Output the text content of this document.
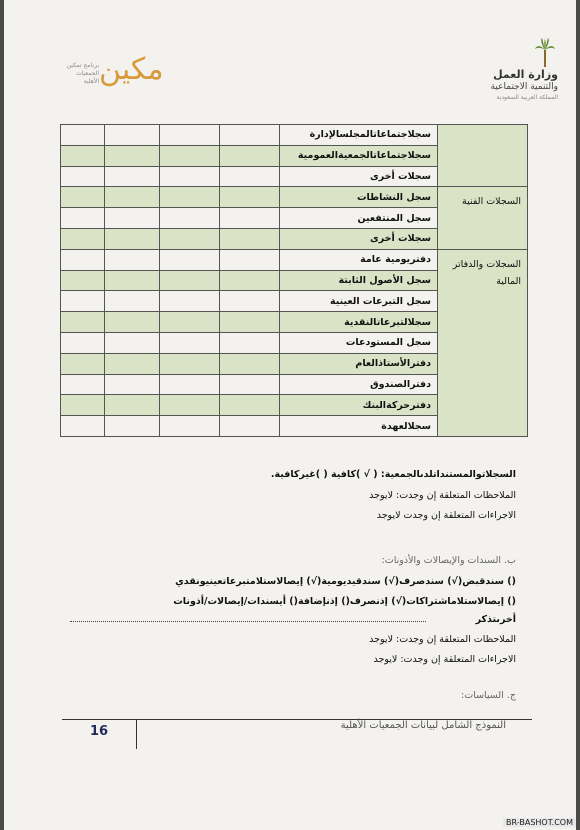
برنامج تمكين الجمعيات الأهلية مكين	وزارة العمل
والتنمية الاجتماعية
المملكة العربية السعودية
	سجلاجتماعاتالمجلسالإدارة				
	سجلاجتماعاتالجمعيةالعمومية				
	سجلات أخرى				
السجلات الفنية	سجل النشاطات				
	سجل المنتفعين				
	سجلات أخرى				
السجلات والدفاتر المالية	دفتريومية عامة				
	سجل الأصول الثابتة				
	سجل التبرعات العينية				
	سجلالتبرعاتالنقدية				
	سجل المستودعات				
	دفترالأستاذالعام				
	دفترالصندوق				
	دفترحركةالبنك				
	سجلالعهدة				
السجلاتوالمستنداتلدىالجمعية: ( √ )كافية ( )غيركافية.
الملاحظات المتعلقة إن وجدت: لايوجد
الاجراءات المتعلقة إن وجدت لايوجد
ب. السندات والإيصالات والأذونات:
() سندقبض(√) سندصرف(√) سندقيديومية(√) إيصالاستلامتبرعاتعينيونقدي
() إيصالاستلاماشتراكات(√) إذنصرف() إذنإضافة() أيسندات/إيصالات/أذونات
أخرىتذكر
الملاحظات المتعلقة إن وجدت: لايوجد
الاجراءات المتعلقة إن وجدت: لايوجد
ج. السياسات:
16	النموذج الشامل لبيانات الجمعيات الأهلية
BR-BASHOT.COM
